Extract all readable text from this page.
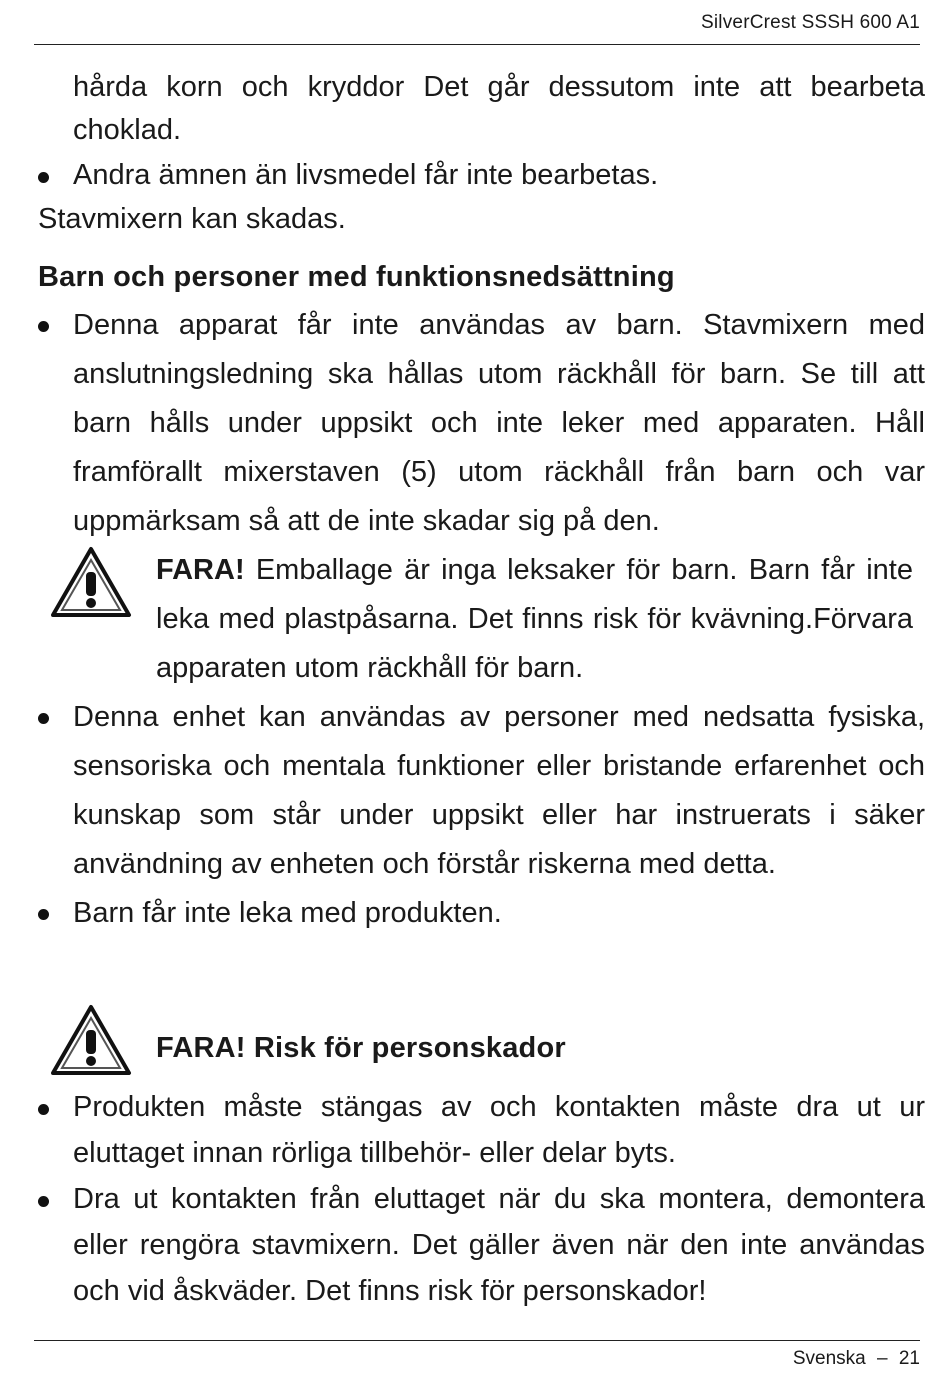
SilverCrest SSSH 600 A1

hårda korn och kryddor Det går dessutom inte att bearbeta choklad.

Andra ämnen än livsmedel får inte bearbetas.

Stavmixern kan skadas.

Barn och personer med funktionsnedsättning
Denna apparat får inte användas av barn. Stavmixern med anslutningsledning ska hållas utom räckhåll för barn. Se till att barn hålls under uppsikt och inte leker med apparaten. Håll framförallt mixerstaven (5) utom räckhåll från barn och var uppmärksam så att de inte skadar sig på den.
FARA! Emballage är inga leksaker för barn. Barn får inte leka med plastpåsarna. Det finns risk för kvävning.Förvara apparaten utom räckhåll för barn.
Denna enhet kan användas av personer med nedsatta fysiska, sensoriska och mentala funktioner eller bristande erfarenhet och kunskap som står under uppsikt eller har instruerats i säker användning av enheten och förstår riskerna med detta.
Barn får inte leka med produkten.
FARA! Risk för personskador
Produkten måste stängas av och kontakten måste dra ut ur eluttaget innan rörliga tillbehör- eller delar byts.
Dra ut kontakten från eluttaget när du ska montera, demontera eller rengöra stavmixern. Det gäller även när den inte användas och vid åskväder. Det finns risk för personskador!
Svenska – 21
